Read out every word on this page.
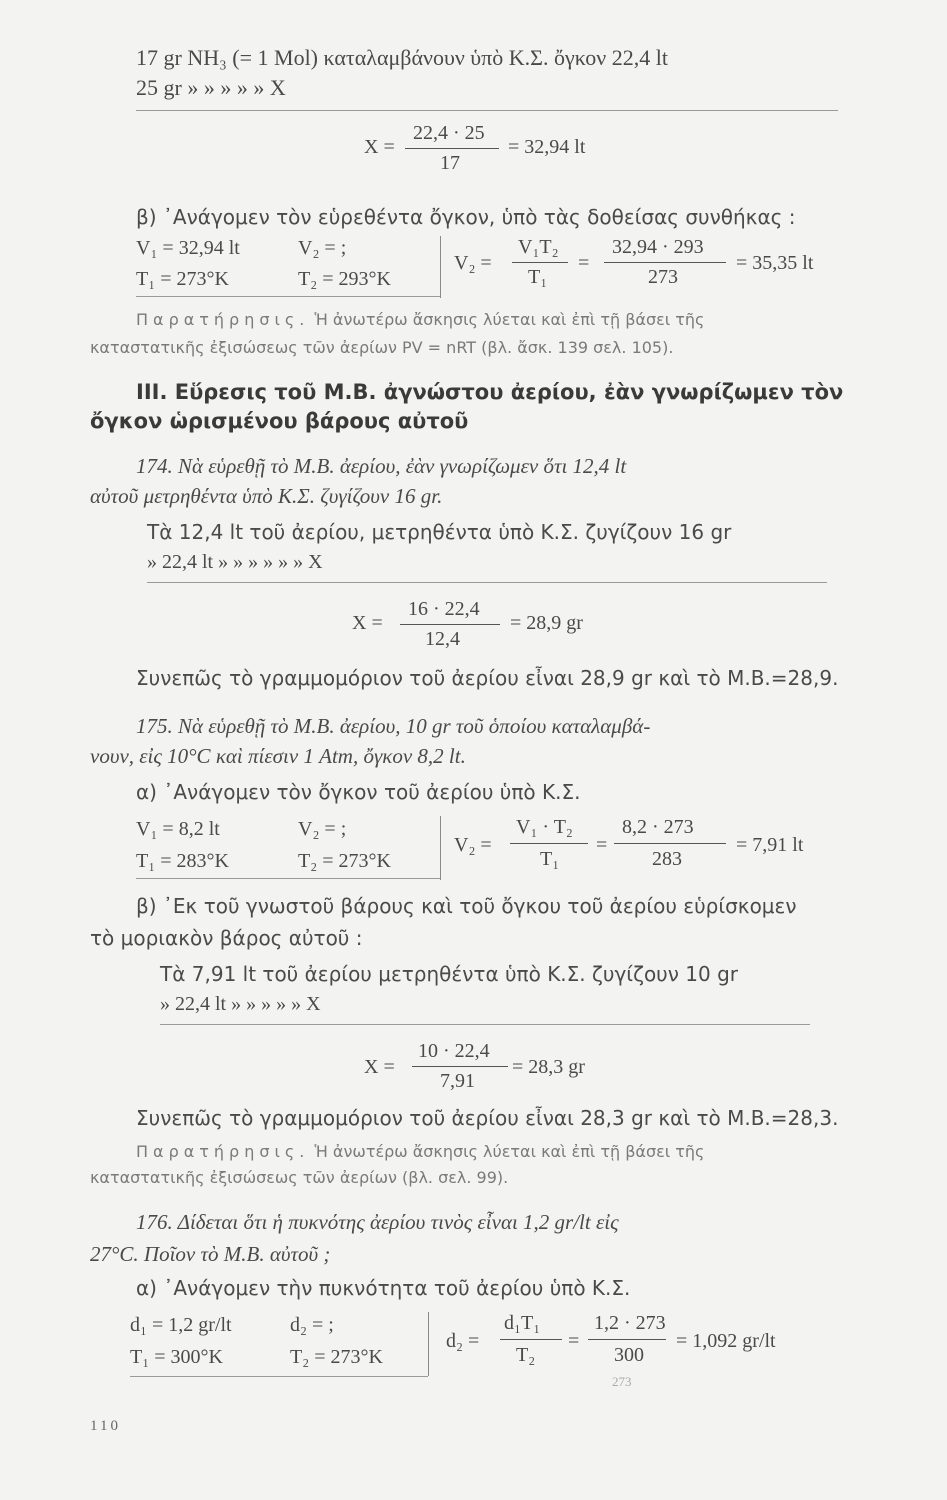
17 gr NH₃ (= 1 Mol) καταλαμβάνουν ὑπὸ Κ.Σ. ὄγκον 22,4 lt
25 gr » » » » » X
X =
22,4 · 25
17
= 32,94 lt
β) ᾿Ανάγομεν τὸν εὑρεθέντα ὄγκον, ὑπὸ τὰς δοθείσας συνθήκας :
V₁ = 32,94 lt	V₂ = ;
T₁ = 273°K	T₂ = 293°K
V₂ =
V₁T₂
T₁
=
32,94 · 293
273
= 35,35 lt
Παρατήρησις. Ἡ ἀνωτέρω ἄσκησις λύεται καὶ ἐπὶ τῇ βάσει τῆς
καταστατικῆς ἐξισώσεως τῶν ἀερίων PV = nRT (βλ. ἄσκ. 139 σελ. 105).
III. Εὕρεσις τοῦ Μ.Β. ἀγνώστου ἀερίου, ἐὰν γνωρίζωμεν τὸν
ὄγκον ὡρισμένου βάρους αὐτοῦ
174. Νὰ εὑρεθῇ τὸ Μ.Β. ἀερίου, ἐὰν γνωρίζωμεν ὅτι 12,4 lt
αὐτοῦ μετρηθέντα ὑπὸ Κ.Σ. ζυγίζουν 16 gr.
Τὰ 12,4 lt τοῦ ἀερίου, μετρηθέντα ὑπὸ Κ.Σ. ζυγίζουν 16 gr
» 22,4 lt » » » » » » X
X =
16 · 22,4
12,4
= 28,9 gr
Συνεπῶς τὸ γραμμομόριον τοῦ ἀερίου εἶναι 28,9 gr καὶ τὸ Μ.Β.=28,9.
175. Νὰ εὑρεθῇ τὸ Μ.Β. ἀερίου, 10 gr τοῦ ὁποίου καταλαμβά-
νουν, εἰς 10°C καὶ πίεσιν 1 Atm, ὄγκον 8,2 lt.
α) ᾿Ανάγομεν τὸν ὄγκον τοῦ ἀερίου ὑπὸ Κ.Σ.
V₁ = 8,2 lt	V₂ = ;
T₁ = 283°K	T₂ = 273°K
V₂ =
V₁ · T₂
T₁
=
8,2 · 273
283
= 7,91 lt
β) ᾿Εκ τοῦ γνωστοῦ βάρους καὶ τοῦ ὄγκου τοῦ ἀερίου εὑρίσκομεν
τὸ μοριακὸν βάρος αὐτοῦ :
Τὰ 7,91 lt τοῦ ἀερίου μετρηθέντα ὑπὸ Κ.Σ. ζυγίζουν 10 gr
» 22,4 lt » » » » » X
X =
10 · 22,4
7,91
= 28,3 gr
Συνεπῶς τὸ γραμμομόριον τοῦ ἀερίου εἶναι 28,3 gr καὶ τὸ Μ.Β.=28,3.
Παρατήρησις. Ἡ ἀνωτέρω ἄσκησις λύεται καὶ ἐπὶ τῇ βάσει τῆς
καταστατικῆς ἐξισώσεως τῶν ἀερίων (βλ. σελ. 99).
176. Δίδεται ὅτι ἡ πυκνότης ἀερίου τινὸς εἶναι 1,2 gr/lt εἰς
27°C. Ποῖον τὸ Μ.Β. αὐτοῦ ;
α) ᾿Ανάγομεν τὴν πυκνότητα τοῦ ἀερίου ὑπὸ Κ.Σ.
d₁ = 1,2 gr/lt	d₂ = ;
T₁ = 300°K	T₂ = 273°K
d₂ =
d₁T₁
T₂
=
1,2 · 273
300
= 1,092 gr/lt
273
110
